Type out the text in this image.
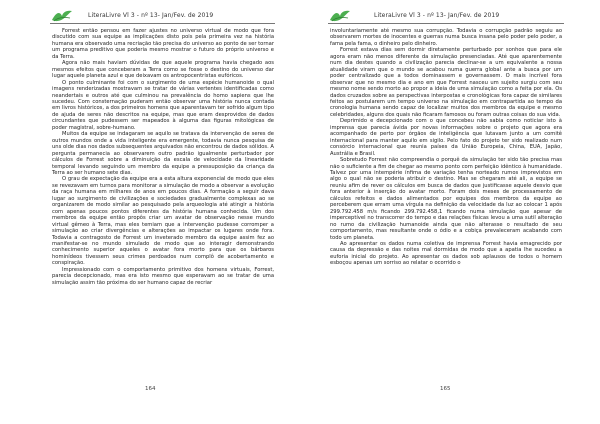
LiteraLivre Vl 3 - nº 13- Jan/Fev. de 2019

Forrest então pensou em fazer ajustes no universo virtual de modo que fora discutido com sua equipe as implicações disto pois pela primeira vez na história humana era observado uma recriação tão precisa do universo ao ponto de ser tornar um programa preditivo que poderia mesmo mostrar o futuro do próprio universo e da Terra.

Agora não mais haviam dúvidas de que aquele programa havia chegado aos mesmos efeitos que conceberam a Terra como se fosse o destino do universo dar lugar aquele planeta azul e que deixavam os antropocentristas eufóricos.

O ponto culminante foi com o surgimento de uma espécie humanoide o qual imagens renderizadas mostravam se tratar de várias vertentes identificadas como neandertais e outros até que culminou na prevalência do homo sapiens que lhe sucedeu. Com consternação puderam então observar uma história nunca contada em livros históricos, a dos primeiros homens que aparentavam ter sofrido algum tipo de ajuda de seres não descritos na equipe, mas que eram desprovidos de dados circundantes que pudessem ser mapeados à alguma das figuras mitológicas de poder magistral, sobre-humano.

Muitos da equipe se indagaram se aquilo se tratava da intervenção de seres de outros mundos onde a vida inteligente era emergente, todavia nunca pesquisa de uns olde dias nos dados subsequentes arquivados não encontrou de dados sólidos. A pergunta permanecia ao observarem outro padrão igualmente perturbador por cálculos de Forrest sobre a diminuição da escala de velocidade da linearidade temporal levando seguindo um membro da equipe a pressuposição da criança da Terra ao ser humano sete dias.

O grau de expectação da equipe era a esta altura exponencial de modo que eles se revezavam em turnos para monitorar a simulação de modo a observar a evolução da raça humana em milhares de anos em poucos dias. A formação a seguir dava lugar ao surgimento de civilizações e sociedades gradualmente complexas ao se organizarem de modo similar ao pesquisado pela arqueologia até atingir a história com apenas poucos pontos diferentes da história humana conhecida. Um dos membros da equipe então propôs criar um avatar de observação nesse mundo virtual gêmeo à Terra, mas eles temiam que a intervenção pudesse corromper a simulação ao criar divergências e alterações ao impactar os lugares onde fora. Todavia a contragosto de Forrest um inveterado membro da equipe assim fez ao manifestar-se no mundo simulado de modo que ao interagir demonstrando conhecimento superior aqueles o avatar fora morto para que os bárbaros hominídeos tivessem seus crimes perdoados num complô de acobertamento e conspiração.

Impressionado com o comportamento primitivo dos homens virtuais, Forrest, parecia decepcionado, mas era isto mesmo que esperavam ao se tratar de uma simulação assim tão próxima do ser humano capaz de recriar

164
LiteraLivre Vl 3 - nº 13- Jan/Fev. de 2019

involuntariamente até mesmo sua corrupção. Todavia o corrupção padrão seguiu ao observarem mortes de inocentes e guerras numa busca insana pelo poder pelo poder, a fama pela fama, o dinheiro pelo dinheiro.

Forrest estava dias sem dormir diretamente perturbado por sonhos que para ele agora eram não menos diferente da simulação presenciadas. Até que aparentemente num dia destes quando a civilização parecia declinar-se a um equivalente a nossa atualidade viram que o mundo se acabou numa guerra global ante a busca por um poder centralizado que a todos dominassem e governassem. O mais incrível fora observar que no mesmo dia e ano em que Forrest nasceu um sujeito surgiu com seu mesmo nome sendo morto ao propor a ideia de uma simulação como a feita por ela. Os dados cruzados sobre as perspectivas interpostas e cronológicas fora capaz de similares feitos ao postularem um tempo universo na simulação em contrapartida ao tempo da cronologia humana sendo capaz de localizar muitos dos membros da equipe e mesmo celebridades, alguns dos quais não ficaram famosos ou foram outras coisas do sua vida.

Deprimido e decepcionado com o que concebeu não sabia como noticiar isto à imprensa que parecia ávida por novas informações sobre o projeto que agora era acompanhado de perto por órgãos de inteligência que lutavam junto a um comitê internacional para manter aquilo em sigilo. Pelo fato do projeto ter sido realizado num consórcio internacional que reunia países da União Europeia, China, EUA, Japão, Austrália e Brasil.

Sobretudo Forrest não compreendia o porquê da simulação ter sido tão precisa mas não o suficiente a fim de chegar ao mesmo ponto com perfeição idêntico à humanidade. Talvez por uma intempérie ínfima de variação tenha norteado rumos imprevistos em algo o qual não se poderia atribuir o destino. Mas se chegaram até ali, a equipe se reuniu afim de rever os cálculos em busca de dados que justificasse aquele desvio que fora anterior à inserção do avatar morto. Foram dois meses de processamento de cálculos refeitos e dados alimentados por equipes dos membros da equipe ao perceberem que erram uma vírgula na definição da velocidade da luz ao colocar 1 após 299.792.458 m/s ficando 299.792.458,1 ficando numa simulação que apesar de imperceptível no transcorrer do tempo e das relações físicas levou a uma sutil alteração no rumo da civilização humanoide ainda que não alterasse o resultado de seu comportamento, mas resultante onde o ódio e a cobiça prevaleceram acabando com todo um planeta.

Ao apresentar os dados numa coletiva de imprensa Forrest havia emagrecido por causa da depressão e das noites mal dormidas de modo que a apatia lhe sucedeu a euforia inicial do projeto. Ao apresentar os dados sob aplausos de todos o homem esboçou apenas um sorriso ao relatar o ocorrido o

165
